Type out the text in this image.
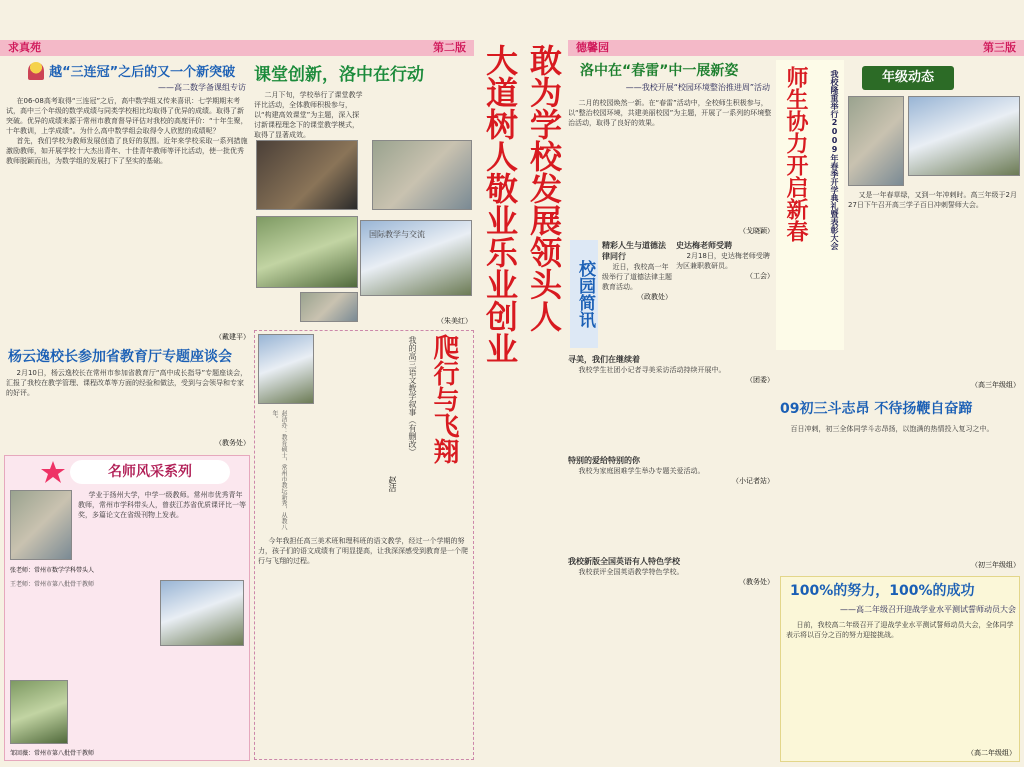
求真苑	第二版
越“三连冠”之后的又一个新突破
——高二数学备课组专访

在06-08高考取得“三连冠”之后，高中数学组又传来喜讯：七学期期末考试，高中三个年级的数学成绩与同类学校相比均取得了优异的成绩。取得了新突破。优异的成绩来源于常州市教育督导评估对我校的高度评价：“十年生聚，十年教训，上学成绩”。为什么高中数学组会取得令人欣慰的成绩呢？

首先，我们学校为教师发展创造了良好的氛围。近年来学校采取一系列措施激励教师，如开展学校十大杰出青年、十佳青年教师等评比活动，使一批优秀教师脱颖而出，为数学组的发展打下了坚实的基础。

（戴建平）
杨云逸校长参加省教育厅专题座谈会

2月10日，杨云逸校长在常州市参加省教育厅“高中成长指导”专题座谈会，汇报了我校在教学管理、课程改革等方面的经验和做法，受到与会领导和专家的好评。

（教务处）
名师风采系列

学业于扬州大学，中学一级教师。常州市优秀青年教师，常州市学科带头人，曾获江苏省优质课评比一等奖，多篇论文在省级刊物上发表。

张老师：常州市数学学科带头人
王老师：常州市第八批骨干教师
邹回薇：常州市第八批骨干教师
课堂创新，洛中在行动

二月下旬，学校举行了课堂教学评比活动，全体教师积极参与，以“构建高效课堂”为主题，深入探讨新课程理念下的课堂教学模式，取得了显著成效。

国际教学与交流
（朱美红）
爬行与飞翔
我的高三语文教学叙事（有删改）
赵洁
赵洁办：教育硕士，常州市教坛新秀，从教八年。

今年我担任高三美术班和理科班的语文教学，经过一个学期的努力，孩子们的语文成绩有了明显提高，让我深深感受到教育是一个爬行与飞翔的过程。

大道树人敬业乐业创业 敢为学校发展领头人	德馨园	第三版
洛中在“春雷”中一展新姿
——我校开展“校园环境整治推进周”活动

二月的校园焕然一新。在“春雷”活动中，全校师生积极参与，以“整治校园环境，共建美丽校园”为主题，开展了一系列的环境整治活动，取得了良好的效果。

（戈晓颖）
校园简讯
精彩人生与道德法律同行

近日，我校高一年级举行了道德法律主题教育活动。

（政教处）
寻美，我们在继续着

我校学生社团小记者寻美采访活动持续开展中。

（团委）
特别的爱给特别的你

我校为家庭困难学生举办专题关爱活动。

（小记者站）
我校新版全国英语有人特色学校

我校获评全国英语教学特色学校。

（教务处）
史达梅老师受聘

2月18日，史达梅老师受聘为区兼职教研员。

（工会）
师生协力开启新春	我校隆重举行2009年春季开学典礼暨表彰大会	年级动态

又是一年春草绿，又到一年冲刺时。高三年级于2月27日下午召开高三学子百日冲刺誓师大会。

（高三年级组）
09初三斗志昂 不待扬鞭自奋蹄

百日冲刺，初三全体同学斗志昂扬，以饱满的热情投入复习之中。

（初三年级组）
100%的努力，100%的成功
——高二年级召开迎战学业水平测试誓师动员大会

日前，我校高二年级召开了迎战学业水平测试誓师动员大会，全体同学表示将以百分之百的努力迎接挑战。

（高二年级组）
